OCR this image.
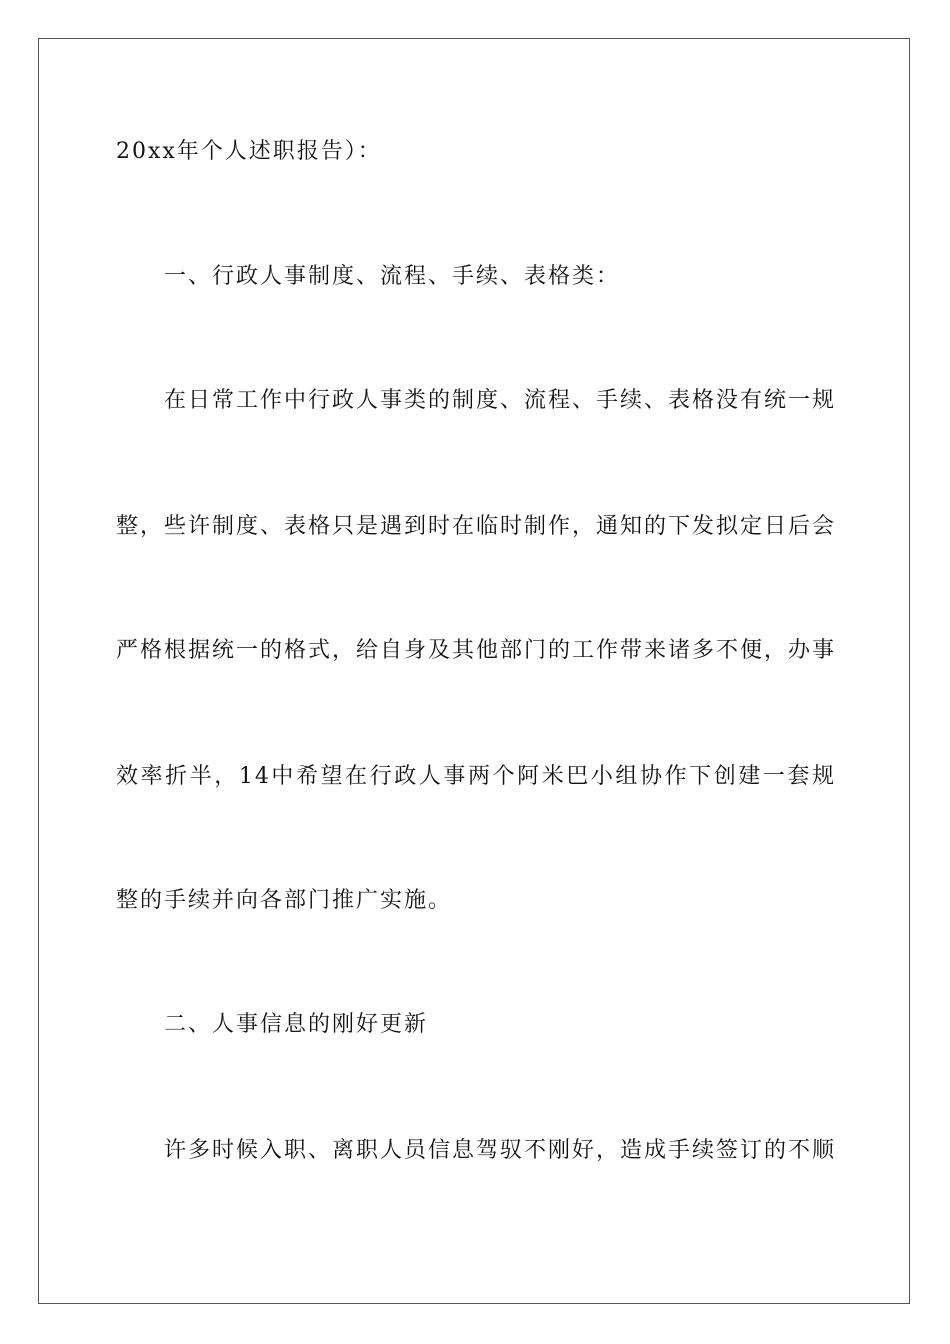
20xx年个人述职报告）：
一、行政人事制度、流程、手续、表格类：
在日常工作中行政人事类的制度、流程、手续、表格没有统一规
整，些许制度、表格只是遇到时在临时制作，通知的下发拟定日后会
严格根据统一的格式，给自身及其他部门的工作带来诸多不便，办事
效率折半，14中希望在行政人事两个阿米巴小组协作下创建一套规
整的手续并向各部门推广实施。
二、人事信息的刚好更新
许多时候入职、离职人员信息驾驭不刚好，造成手续签订的不顺
